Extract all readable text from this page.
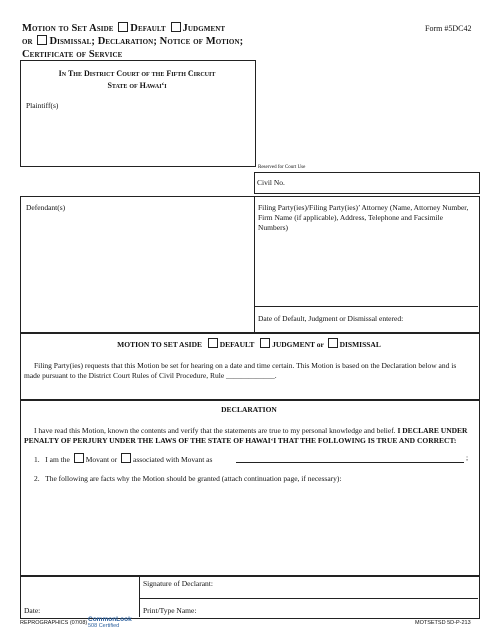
Motion to Set Aside Default Judgment
or Dismissal; Declaration; Notice of Motion;
Certificate of Service
Form #5DC42
In The District Court of the Fifth Circuit
State of Hawai‘i
Plaintiff(s)
Reserved for Court Use
Civil No.
Defendant(s)	Filing Party(ies)/Filing Party(ies)’ Attorney (Name, Attorney Number, Firm Name (if applicable), Address, Telephone and Facsimile Numbers)
Date of Default, Judgment or Dismissal entered:
MOTION TO SET ASIDE DEFAULT JUDGMENT or DISMISSAL
Filing Party(ies) requests that this Motion be set for hearing on a date and time certain. This Motion is based on the Declaration below and is made pursuant to the District Court Rules of Civil Procedure, Rule _____________.
DECLARATION
I have read this Motion, known the contents and verify that the statements are true to my personal knowledge and belief. I DECLARE UNDER PENALTY OF PERJURY UNDER THE LAWS OF THE STATE OF HAWAI‘I THAT THE FOLLOWING IS TRUE AND CORRECT:
1. I am the Movant or associated with Movant as	;
2. The following are facts why the Motion should be granted (attach continuation page, if necessary):
Signature of Declarant:
Date:	Print/Type Name:
REPROGRAPHICS (07/08) CommonLook
508 Certified	MOTSETSD 5D-P-213
